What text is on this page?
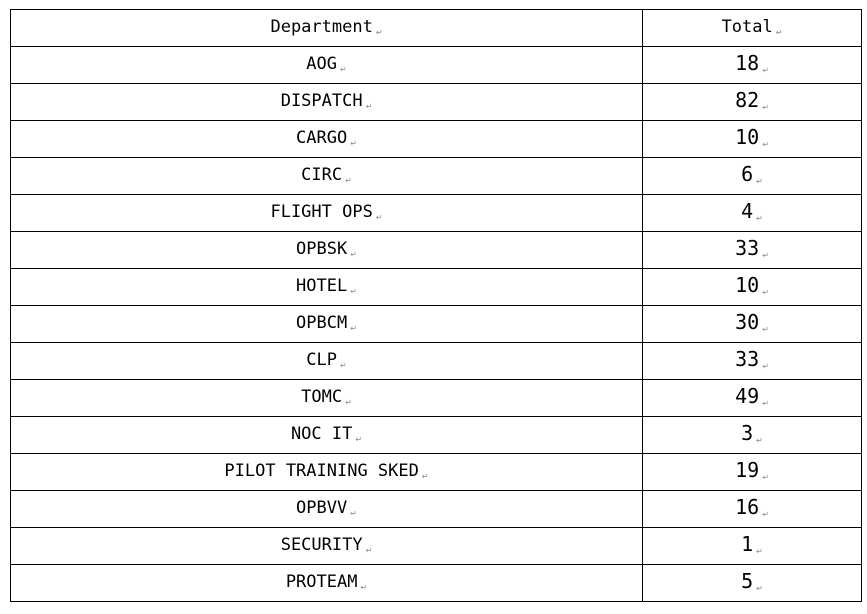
Department ↵	Total ↵
AOG ↵	18 ↵
DISPATCH ↵	82 ↵
CARGO ↵	10 ↵
CIRC ↵	6 ↵
FLIGHT OPS ↵	4 ↵
OPBSK ↵	33 ↵
HOTEL ↵	10 ↵
OPBCM ↵	30 ↵
CLP ↵	33 ↵
TOMC ↵	49 ↵
NOC IT ↵	3 ↵
PILOT TRAINING SKED ↵	19 ↵
OPBVV ↵	16 ↵
SECURITY ↵	1 ↵
PROTEAM ↵	5 ↵
